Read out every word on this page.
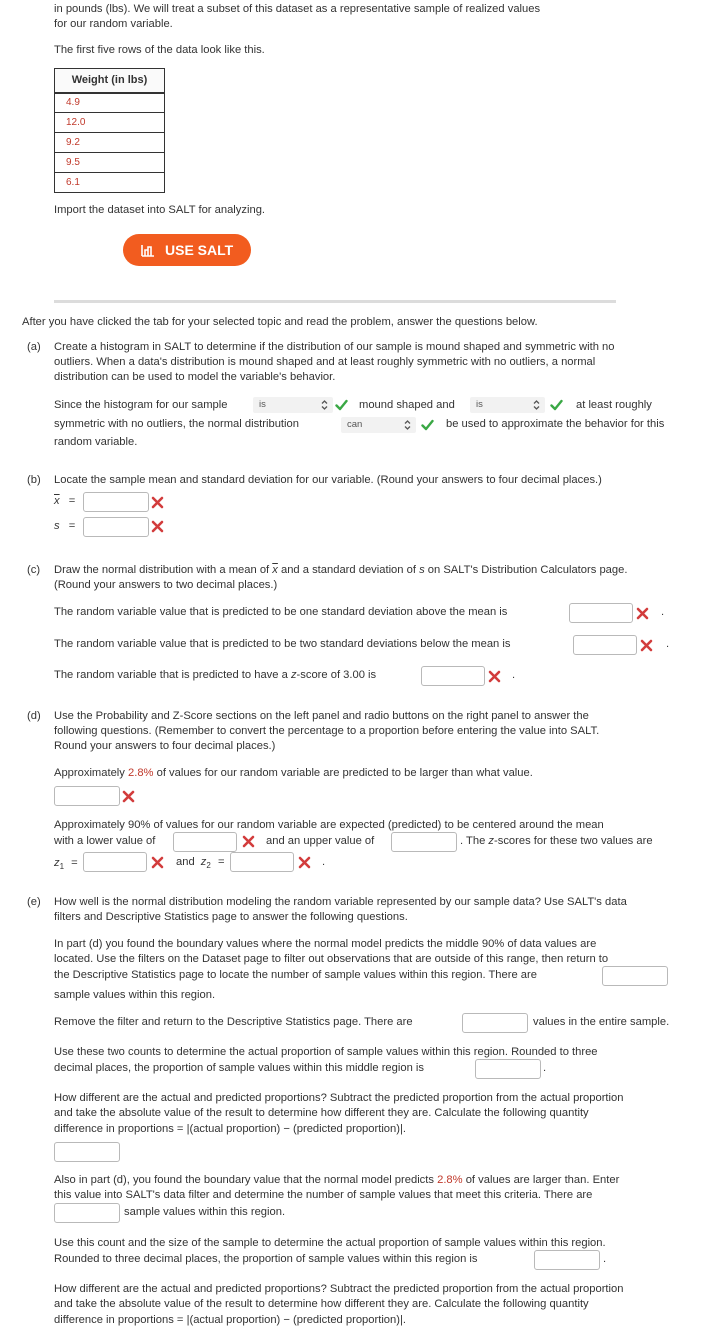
in pounds (lbs). We will treat a subset of this dataset as a representative sample of realized values
for our random variable.
The first five rows of the data look like this.
Weight (in lbs)
4.9
12.0
9.2
9.5
6.1
Import the dataset into SALT for analyzing.
USE SALT
After you have clicked the tab for your selected topic and read the problem, answer the questions below.
(a) Create a histogram in SALT to determine if the distribution of our sample is mound shaped and symmetric with no
outliers. When a data's distribution is mound shaped and at least roughly symmetric with no outliers, a normal
distribution can be used to model the variable's behavior.
Since the histogram for our sample	is	mound shaped and	is	at least roughly
symmetric with no outliers, the normal distribution	can	be used to approximate the behavior for this
random variable.
(b) Locate the sample mean and standard deviation for our variable. (Round your answers to four decimal places.)
$\overline{x}$ =
s =
(c) Draw the normal distribution with a mean of $\overline{x}$ and a standard deviation of s on SALT's Distribution Calculators page.
(Round your answers to two decimal places.)
The random variable value that is predicted to be one standard deviation above the mean is	.
The random variable value that is predicted to be two standard deviations below the mean is	.
The random variable that is predicted to have a z-score of 3.00 is	.
(d) Use the Probability and Z-Score sections on the left panel and radio buttons on the right panel to answer the
following questions. (Remember to convert the percentage to a proportion before entering the value into SALT.
Round your answers to four decimal places.)
Approximately 2.8% of values for our random variable are predicted to be larger than what value.
Approximately 90% of values for our random variable are expected (predicted) to be centered around the mean
with a lower value of	and an upper value of	. The z-scores for these two values are
$z_1$ =	and $z_2$ =	.
(e) How well is the normal distribution modeling the random variable represented by our sample data? Use SALT's data
filters and Descriptive Statistics page to answer the following questions.
In part (d) you found the boundary values where the normal model predicts the middle 90% of data values are
located. Use the filters on the Dataset page to filter out observations that are outside of this range, then return to
the Descriptive Statistics page to locate the number of sample values within this region. There are
sample values within this region.
Remove the filter and return to the Descriptive Statistics page. There are	values in the entire sample.
Use these two counts to determine the actual proportion of sample values within this region. Rounded to three
decimal places, the proportion of sample values within this middle region is	.
How different are the actual and predicted proportions? Subtract the predicted proportion from the actual proportion
and take the absolute value of the result to determine how different they are. Calculate the following quantity
difference in proportions = |(actual proportion) − (predicted proportion)|.
Also in part (d), you found the boundary value that the normal model predicts 2.8% of values are larger than. Enter
this value into SALT's data filter and determine the number of sample values that meet this criteria. There are
sample values within this region.
Use this count and the size of the sample to determine the actual proportion of sample values within this region.
Rounded to three decimal places, the proportion of sample values within this region is	.
How different are the actual and predicted proportions? Subtract the predicted proportion from the actual proportion
and take the absolute value of the result to determine how different they are. Calculate the following quantity
difference in proportions = |(actual proportion) − (predicted proportion)|.
